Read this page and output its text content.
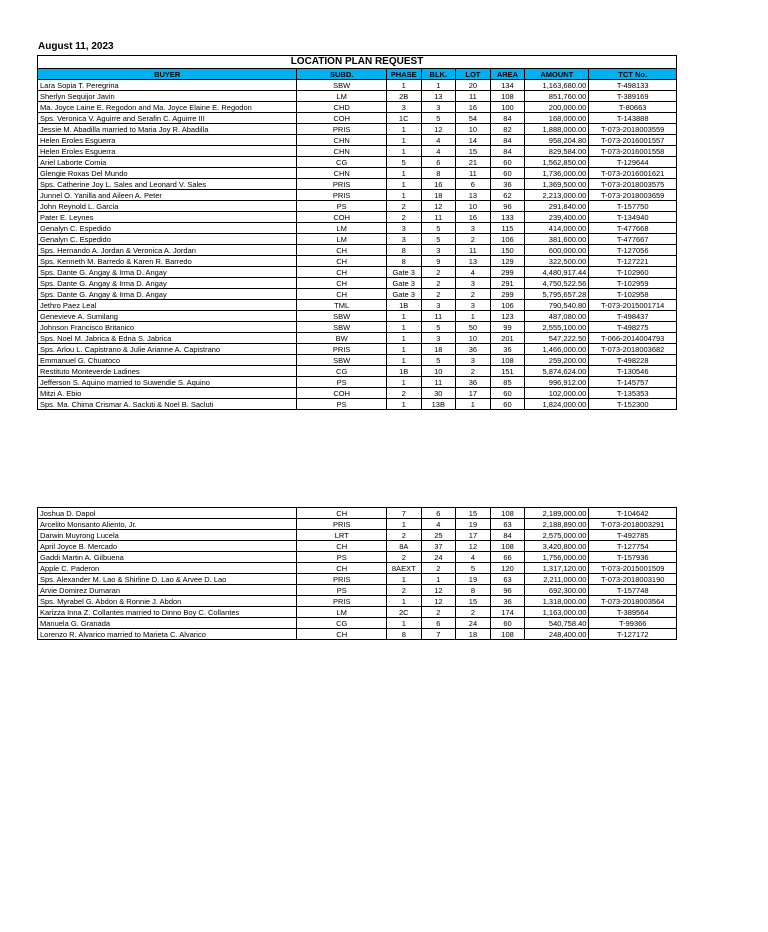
August 11, 2023
LOCATION PLAN REQUEST							
BUYER	SUBD.	PHASE	BLK.	LOT	AREA	AMOUNT	TCT No.
Lara Sopia T. Peregrina	SBW	1	1	20	134	1,163,680.00	T-498133
Sherlyn Sequijor Javin	LM	2B	13	11	108	851,760.00	T-389169
Ma. Joyce Laine E. Regodon and Ma. Joyce Elaine E. Regodon	CHD	3	3	16	100	200,000.00	T-80663
Sps. Veronica V. Aguirre and Serafin C. Aguirre III	COH	1C	5	54	84	168,000.00	T-143888
Jessie M. Abadilla married to Maria Joy R. Abadilla	PRIS	1	12	10	82	1,888,000.00	T-073-2018003559
Helen Eroles Esguerra	CHN	1	4	14	84	958,204.80	T-073-2016001557
Helen Eroles Esguerra	CHN	1	4	15	84	829,584.00	T-073-2016001558
Ariel Laborte Comia	CG	5	6	21	60	1,562,850.00	T-129644
Glengie Roxas Del Mundo	CHN	1	8	11	60	1,736,000.00	T-073-2016001621
Sps. Catherine Joy L. Sales and Leonard V. Sales	PRIS	1	16	6	36	1,369,500.00	T-073-2018003575
Junnel O. Yanilla and Aileen A. Peter	PRIS	1	18	13	62	2,213,000.00	T-073-2018003659
John Reynold L. Garcia	PS	2	12	10	96	291,840.00	T-157750
Pater E. Leynes	COH	2	11	16	133	239,400.00	T-134940
Genalyn C. Espedido	LM	3	5	3	115	414,000.00	T-477668
Genalyn C. Espedido	LM	3	5	2	106	381,600.00	T-477667
Sps. Hernando A. Jordan & Veronica A. Jordan	CH	8	3	11	150	600,000.00	T-127056
Sps. Kenneth M. Barredo & Karen R. Barredo	CH	8	9	13	129	322,500.00	T-127221
Sps. Dante G. Angay & Irma D. Angay	CH	Gate 3	2	4	299	4,480,917.44	T-102960
Sps. Dante G. Angay & Irma D. Angay	CH	Gate 3	2	3	291	4,750,522.56	T-102959
Sps. Dante G. Angay & Irma D. Angay	CH	Gate 3	2	2	299	5,795,657.28	T-102958
Jethro Paez Leal	TML	1B	3	3	106	790,540.80	T-073-2015001714
Genevieve A. Sumilang	SBW	1	11	1	123	487,080.00	T-498437
Johnson Francisco Britanico	SBW	1	5	50	99	2,555,100.00	T-498275
Sps. Noel M. Jabrica & Edna S. Jabrica	BW	1	3	10	201	547,222.50	T-066-2014004793
Sps. Arlou L. Capistrano & Julie Arianne A. Capistrano	PRIS	1	18	36	36	1,466,000.00	T-073-2018003682
Emmanuel G. Chuatoco	SBW	1	5	3	108	259,200.00	T-498228
Restituto Monteverde Ladines	CG	1B	10	2	151	5,874,624.00	T-130546
Jefferson S. Aquino married to Suwendie S. Aquino	PS	1	11	36	85	996,912.00	T-145757
Mitzi A. Ebio	COH	2	30	17	60	102,000.00	T-135353
Sps. Ma. Chima Crismar A. Sacluti & Noel B. Sacluti	PS	1	13B	1	60	1,824,000.00	T-152300
Joshua D. Dapol	CH	7	6	15	108	2,189,000.00	T-104642
Arcelito Monsanto Aliento, Jr.	PRIS	1	4	19	63	2,188,890.00	T-073-2018003291
Darwin Muyrong Lucela	LRT	2	25	17	84	2,575,000.00	T-492785
April Joyce B. Mercado	CH	8A	37	12	108	3,420,800.00	T-127754
Gaddi Martin A. Gilbuena	PS	2	24	4	66	1,756,000.00	T-157936
Apple C. Paderon	CH	8AEXT	2	5	120	1,317,120.00	T-073-2015001509
Sps. Alexander M. Lao & Shirline D. Lao & Arvee D. Lao	PRIS	1	1	19	63	2,211,000.00	T-073-2018003190
Arvie Domirez Dumaran	PS	2	12	8	96	692,300.00	T-157748
Sps. Myrabel G. Abdon & Ronnie J. Abdon	PRIS	1	12	15	36	1,318,000.00	T-073-2018003564
Karizza Inna Z. Collantes married to Dinno Boy C. Collantes	LM	2C	2	2	174	1,163,000.00	T-389564
Manuela G. Granada	CG	1	6	24	60	540,758.40	T-99366
Lorenzo R. Alvarico married to Marieta C. Alvarico	CH	8	7	18	108	248,400.00	T-127172
